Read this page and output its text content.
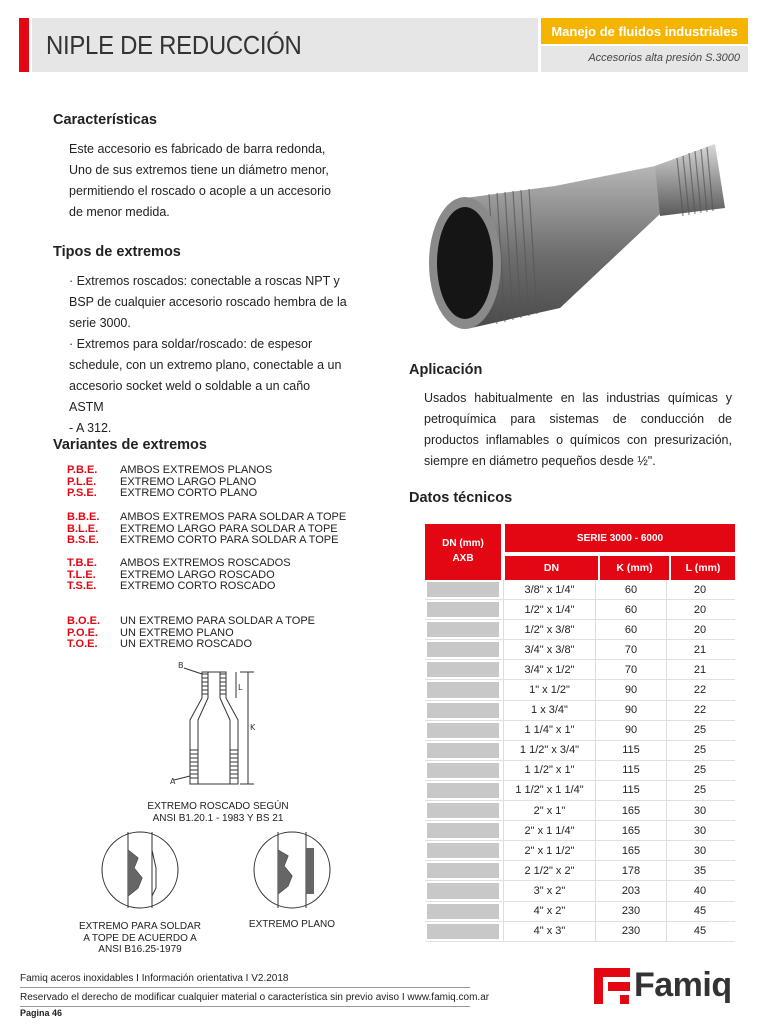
NIPLE DE REDUCCIÓN	Manejo de fluidos industriales
Accesorios alta presión S.3000
Características
Este accesorio es fabricado de barra redonda,
Uno de sus extremos tiene un diámetro menor,
permitiendo el roscado o acople a un accesorio
de menor medida.
Tipos de extremos
· Extremos roscados: conectable a roscas NPT y
BSP de cualquier accesorio roscado hembra de la
serie 3000.
· Extremos para soldar/roscado: de espesor
schedule, con un extremo plano, conectable a un
accesorio socket weld o soldable a un caño ASTM
- A 312.
Variantes de extremos
P.B.E.	AMBOS EXTREMOS PLANOS
P.L.E.	EXTREMO LARGO PLANO
P.S.E.	EXTREMO CORTO PLANO
B.B.E.	AMBOS EXTREMOS PARA SOLDAR A TOPE
B.L.E.	EXTREMO LARGO PARA SOLDAR A TOPE
B.S.E.	EXTREMO CORTO PARA SOLDAR A TOPE
T.B.E.	AMBOS EXTREMOS ROSCADOS
T.L.E.	EXTREMO LARGO ROSCADO
T.S.E.	EXTREMO CORTO ROSCADO
B.O.E.	UN EXTREMO PARA SOLDAR A TOPE
P.O.E.	UN EXTREMO PLANO
T.O.E.	UN EXTREMO ROSCADO
B
A
L
K
EXTREMO ROSCADO SEGÚN
ANSI B1.20.1 - 1983 Y BS 21
EXTREMO PARA SOLDAR
A TOPE DE ACUERDO A
ANSI B16.25-1979
EXTREMO PLANO
Aplicación
Usados habitualmente en las industrias químicas y
petroquímica para sistemas de conducción de
productos inflamables o químicos con presurización,
siempre en diámetro pequeños desde ½".
Datos técnicos
DN (mm)
AXB
SERIE 3000 - 6000
DN	K (mm)	L (mm)
3/8" x 1/4"	60	20
1/2" x 1/4"	60	20
1/2" x 3/8"	60	20
3/4" x 3/8"	70	21
3/4" x 1/2"	70	21
1" x 1/2"	90	22
1 x 3/4"	90	22
1 1/4" x 1"	90	25
1 1/2" x 3/4"	115	25
1 1/2" x 1"	115	25
1 1/2" x 1 1/4"	115	25
2" x 1"	165	30
2" x 1 1/4"	165	30
2" x 1 1/2"	165	30
2 1/2" x 2"	178	35
3" x 2"	203	40
4" x 2"	230	45
4" x 3"	230	45
Famiq aceros inoxidables I Información orientativa I V2.2018
Reservado el derecho de modificar cualquier material o característica sin previo aviso I www.famiq.com.ar
Pagina 46
Famiq
